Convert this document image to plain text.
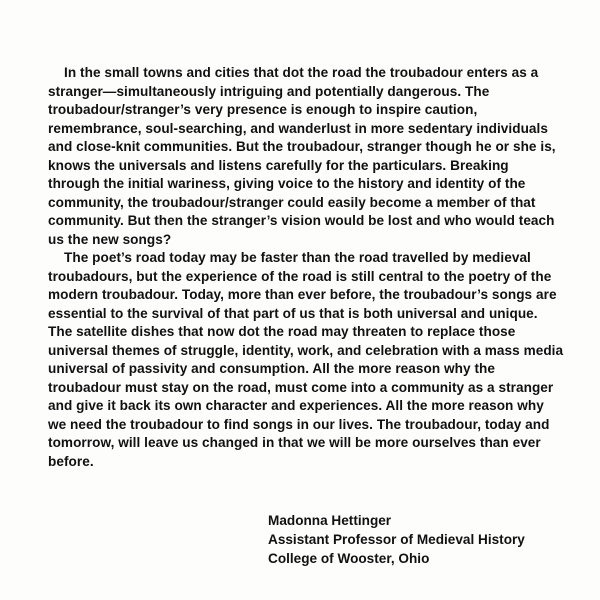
In the small towns and cities that dot the road the troubadour enters as a stranger—simultaneously intriguing and potentially dangerous. The troubadour/stranger’s very presence is enough to inspire caution, remembrance, soul-searching, and wanderlust in more sedentary individuals and close-knit communities. But the troubadour, stranger though he or she is, knows the universals and listens carefully for the particulars. Breaking through the initial wariness, giving voice to the history and identity of the community, the troubadour/stranger could easily become a member of that community. But then the stranger’s vision would be lost and who would teach us the new songs?

The poet’s road today may be faster than the road travelled by medieval troubadours, but the experience of the road is still central to the poetry of the modern troubadour. Today, more than ever before, the troubadour’s songs are essential to the survival of that part of us that is both universal and unique. The satellite dishes that now dot the road may threaten to replace those universal themes of struggle, identity, work, and celebration with a mass media universal of passivity and consumption. All the more reason why the troubadour must stay on the road, must come into a community as a stranger and give it back its own character and experiences. All the more reason why we need the troubadour to find songs in our lives. The troubadour, today and tomorrow, will leave us changed in that we will be more ourselves than ever before.

Madonna Hettinger
Assistant Professor of Medieval History
College of Wooster, Ohio
